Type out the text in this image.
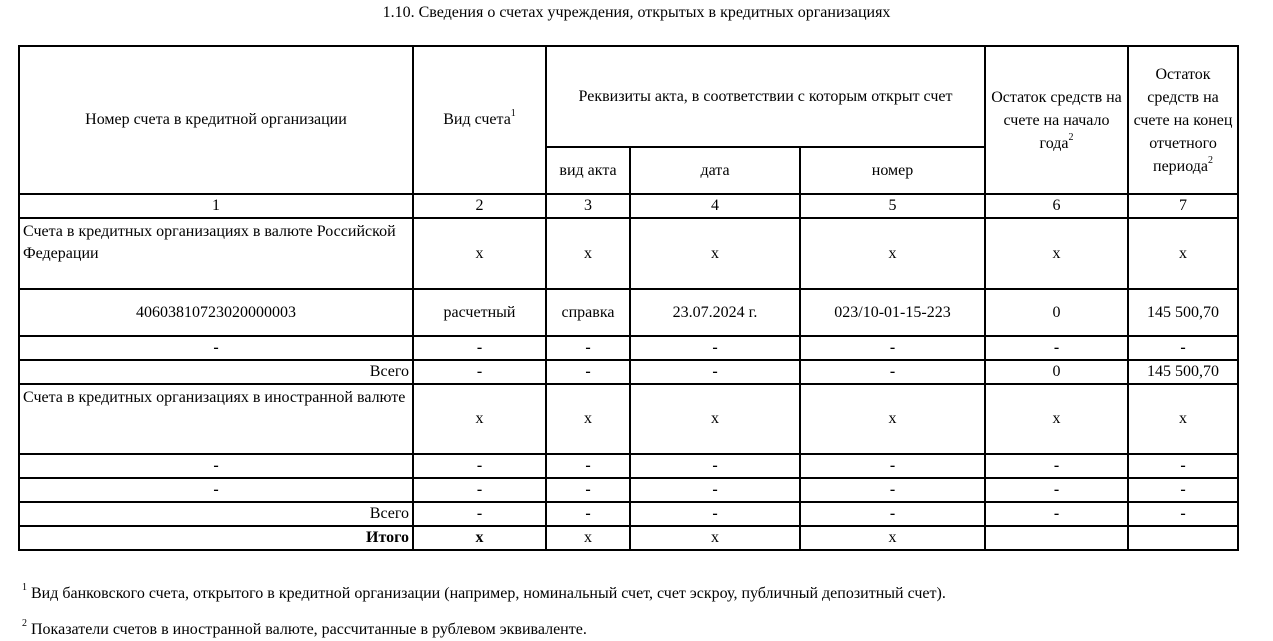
1.10. Сведения о счетах учреждения, открытых в кредитных организациях
Номер счета в кредитной организации	Вид счета$^1$	Реквизиты акта, в соответствии с которым открыт счет			Остаток средств на счете на начало года$^2$	Остаток средств на счете на конец отчетного периода$^2$
		вид акта	дата	номер		
1	2	3	4	5	6	7
Счета в кредитных организациях в валюте Российской Федерации	x	x	x	x	x	x
40603810723020000003	расчетный	справка	23.07.2024 г.	023/10-01-15-223	0	145 500,70
-	-	-	-	-	-	-
Всего	-	-	-	-	0	145 500,70
Счета в кредитных организациях в иностранной валюте	x	x	x	x	x	x
-	-	-	-	-	-	-
-	-	-	-	-	-	-
Всего	-	-	-	-	-	-
Итого	x	x	x	x		
$^1$ Вид банковского счета, открытого в кредитной организации (например, номинальный счет, счет эскроу, публичный депозитный счет).
$^2$ Показатели счетов в иностранной валюте, рассчитанные в рублевом эквиваленте.
